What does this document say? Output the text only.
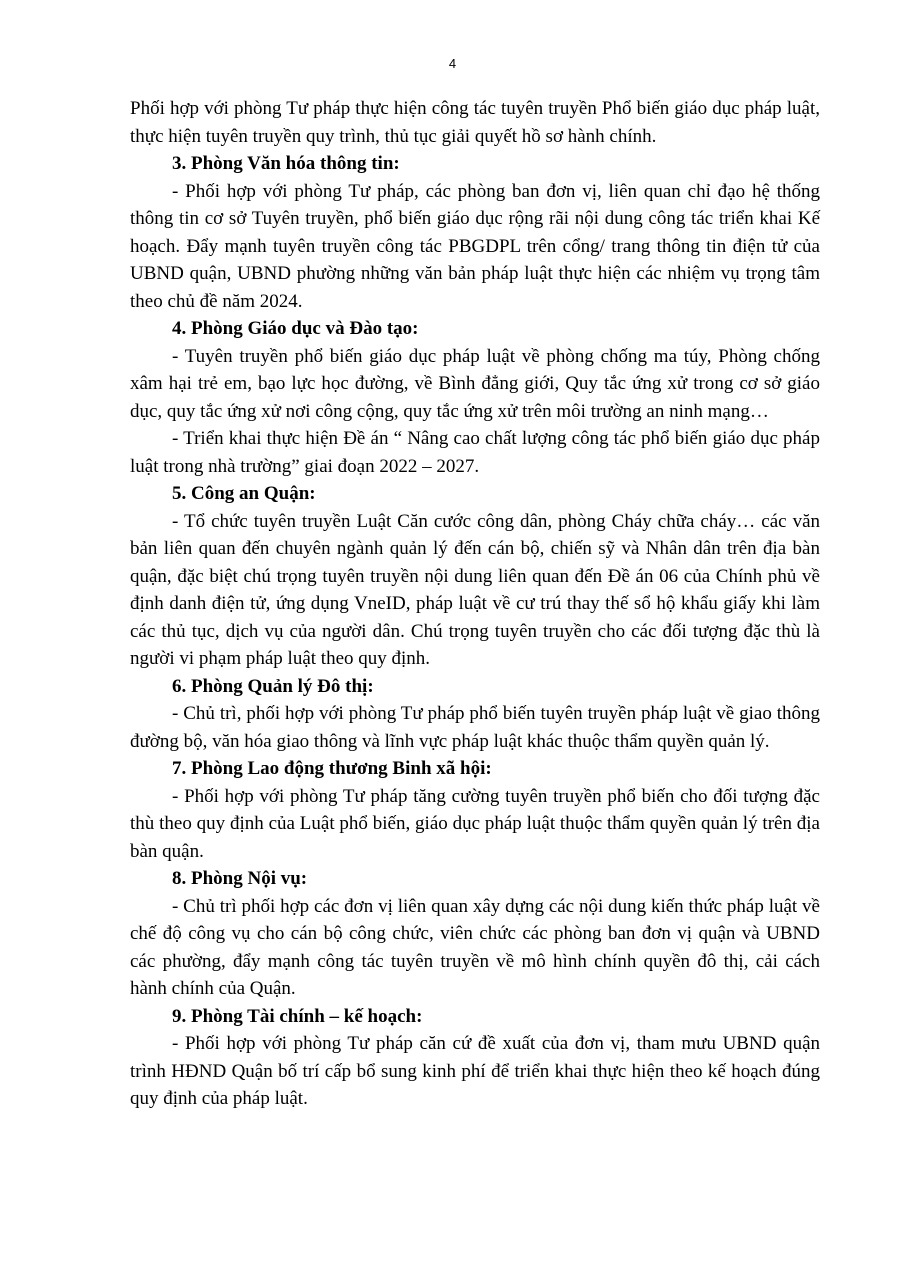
4

Phối hợp với phòng Tư pháp thực hiện công tác tuyên truyền Phổ biến giáo dục pháp luật, thực hiện tuyên truyền quy trình, thủ tục giải quyết hồ sơ hành chính.

3. Phòng Văn hóa thông tin:

- Phối hợp với phòng Tư pháp, các phòng ban đơn vị, liên quan chỉ đạo hệ thống thông tin cơ sở Tuyên truyền, phổ biến giáo dục rộng rãi nội dung công tác triển khai Kế hoạch. Đẩy mạnh tuyên truyền công tác PBGDPL trên cổng/ trang thông tin điện tử của UBND quận, UBND phường những văn bản pháp luật thực hiện các nhiệm vụ trọng tâm theo chủ đề năm 2024.

4. Phòng Giáo dục và Đào tạo:

- Tuyên truyền phổ biến giáo dục pháp luật về phòng chống ma túy, Phòng chống xâm hại trẻ em, bạo lực học đường, về Bình đẳng giới, Quy tắc ứng xử trong cơ sở giáo dục, quy tắc ứng xử nơi công cộng, quy tắc ứng xử trên môi trường an ninh mạng…

- Triển khai thực hiện Đề án “ Nâng cao chất lượng công tác phổ biến giáo dục pháp luật trong nhà trường” giai đoạn 2022 – 2027.

5. Công an Quận:

- Tổ chức tuyên truyền Luật Căn cước công dân, phòng Cháy chữa cháy… các văn bản liên quan đến chuyên ngành quản lý đến cán bộ, chiến sỹ và Nhân dân trên địa bàn quận, đặc biệt chú trọng tuyên truyền nội dung liên quan đến Đề án 06 của Chính phủ về định danh điện tử, ứng dụng VneID, pháp luật về cư trú thay thế sổ hộ khẩu giấy khi làm các thủ tục, dịch vụ của người dân. Chú trọng tuyên truyền cho các đối tượng đặc thù là người vi phạm pháp luật theo quy định.

6. Phòng Quản lý Đô thị:

- Chủ trì, phối hợp với phòng Tư pháp phổ biến tuyên truyền pháp luật về giao thông đường bộ, văn hóa giao thông và lĩnh vực pháp luật khác thuộc thẩm quyền quản lý.

7. Phòng Lao động thương Binh xã hội:

- Phối hợp với phòng Tư pháp tăng cường tuyên truyền phổ biến cho đối tượng đặc thù theo quy định của Luật phổ biến, giáo dục pháp luật thuộc thẩm quyền quản lý trên địa bàn quận.

8. Phòng Nội vụ:

- Chủ trì phối hợp các đơn vị liên quan xây dựng các nội dung kiến thức pháp luật về chế độ công vụ cho cán bộ công chức, viên chức các phòng ban đơn vị quận và UBND các phường, đẩy mạnh công tác tuyên truyền về mô hình chính quyền đô thị, cải cách hành chính của Quận.

9. Phòng Tài chính – kế hoạch:

- Phối hợp với phòng Tư pháp căn cứ đề xuất của đơn vị, tham mưu UBND quận trình HĐND Quận bố trí cấp bổ sung kinh phí để triển khai thực hiện theo kế hoạch đúng quy định của pháp luật.
